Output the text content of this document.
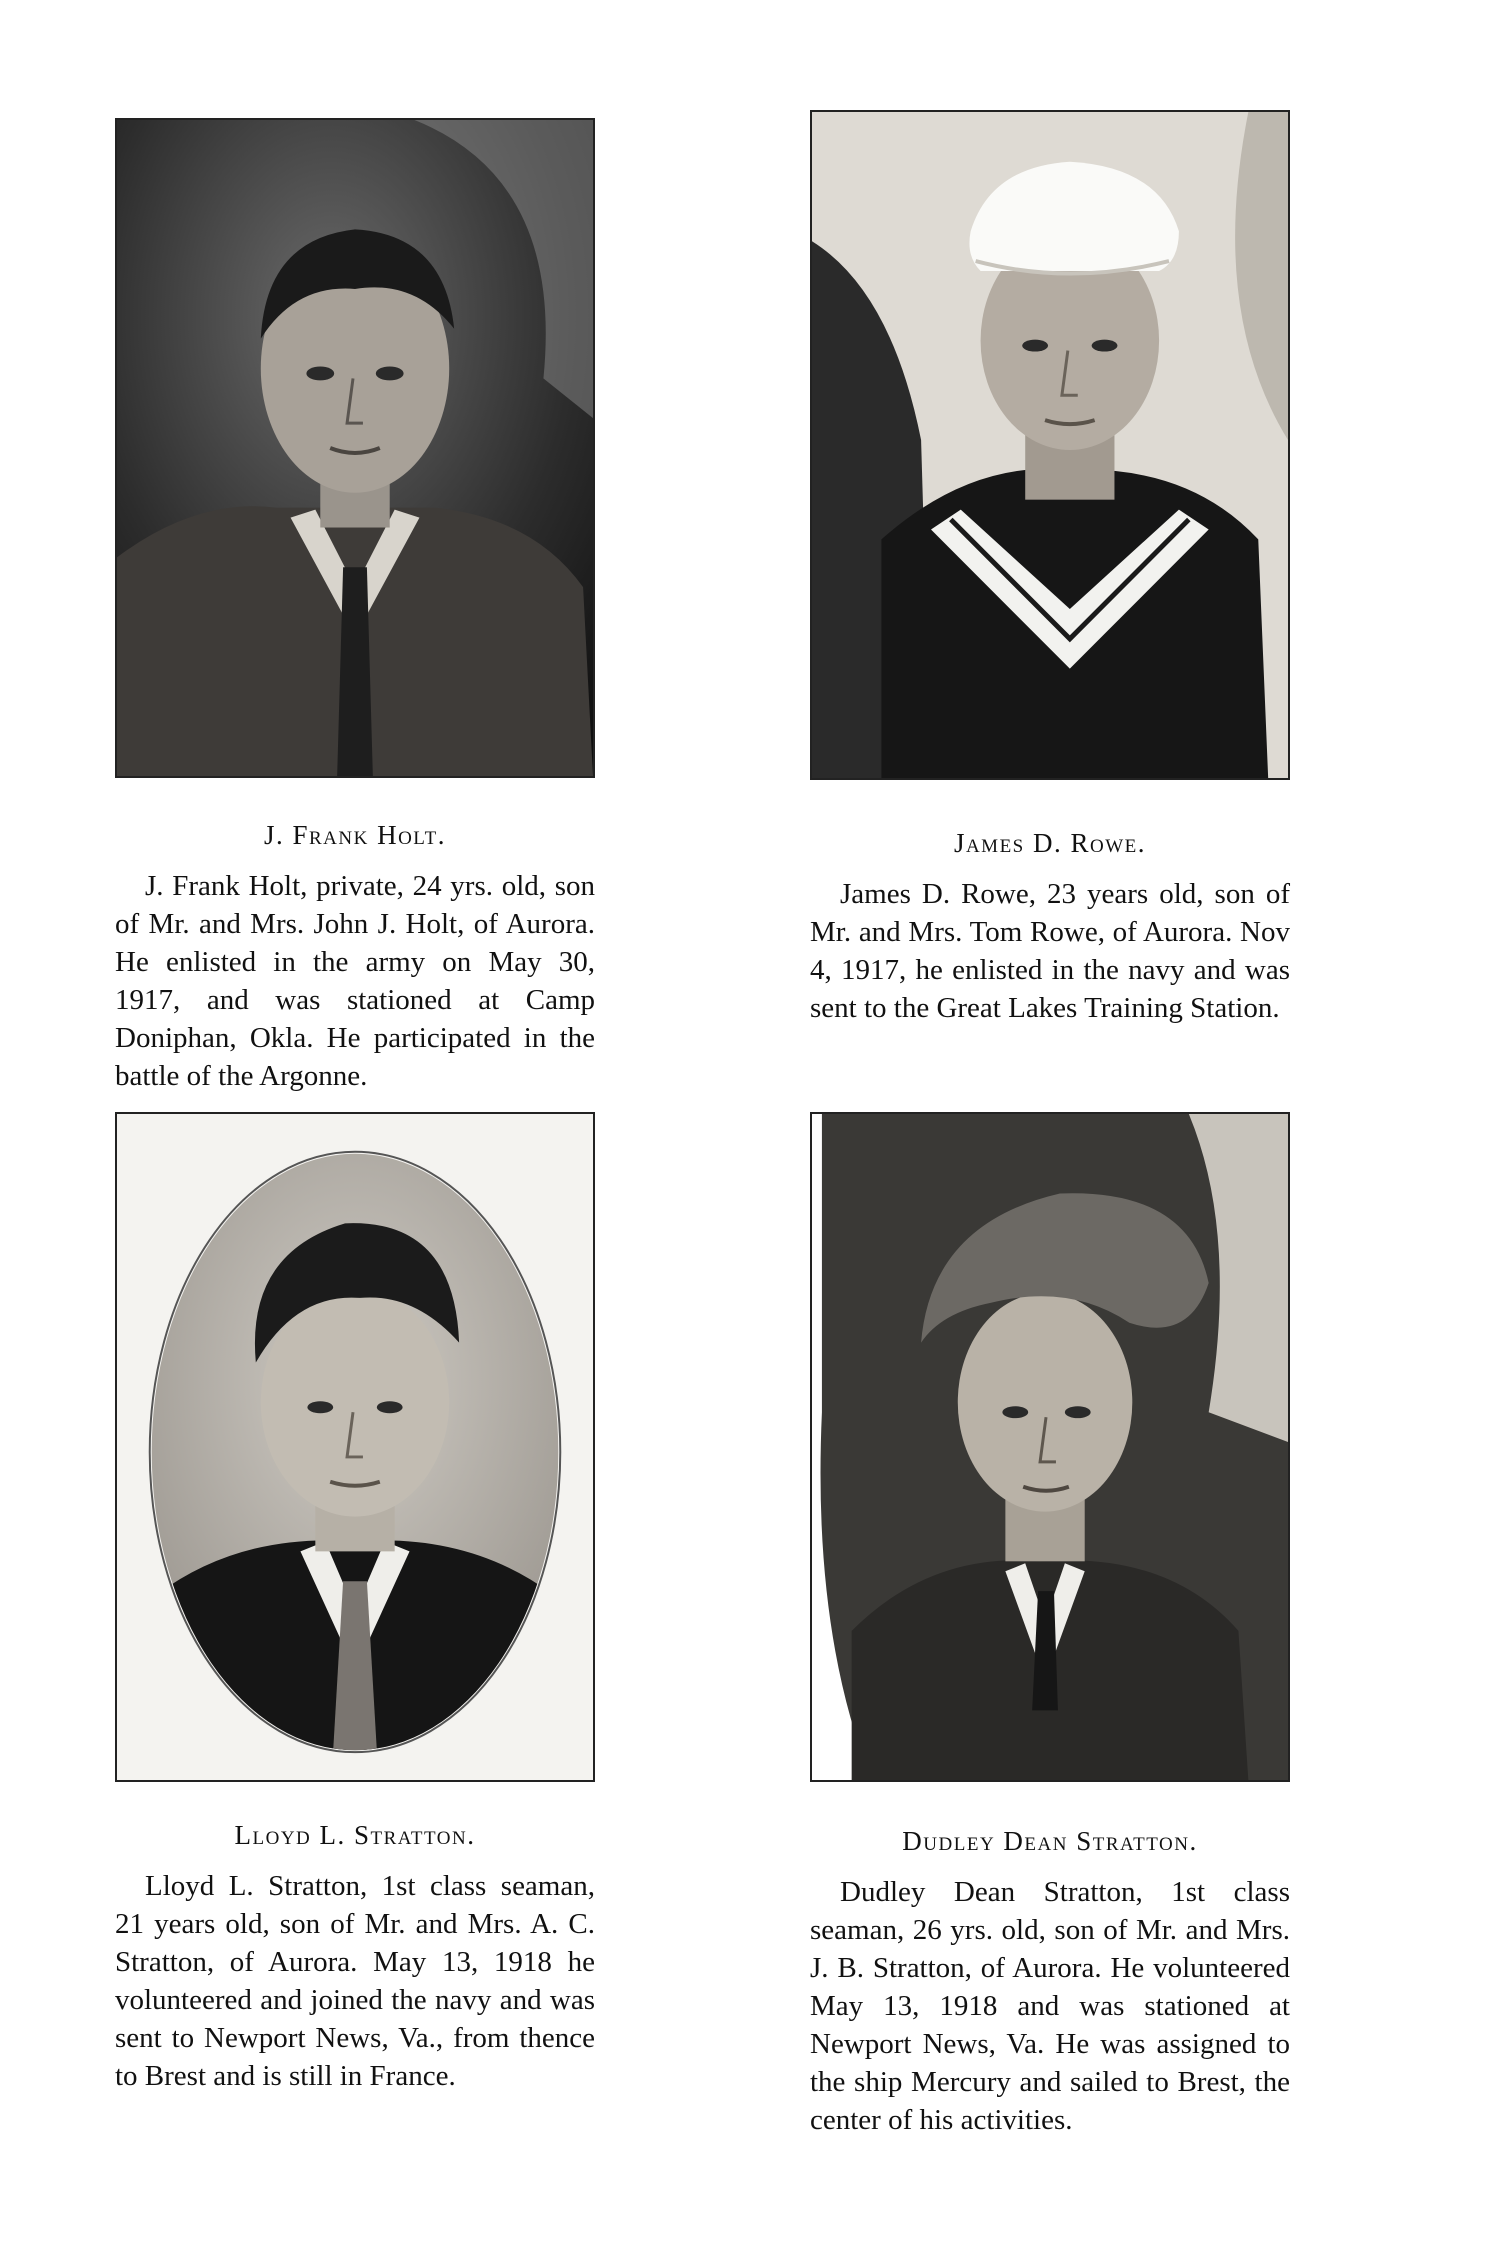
J. Frank Holt.

J. Frank Holt, private, 24 yrs. old, son of Mr. and Mrs. John J. Holt, of Aurora. He enlisted in the army on May 30, 1917, and was stationed at Camp Doniphan, Okla. He participated in the battle of the Argonne.

James D. Rowe.

James D. Rowe, 23 years old, son of Mr. and Mrs. Tom Rowe, of Aurora. Nov 4, 1917, he enlisted in the navy and was sent to the Great Lakes Training Station.

Lloyd L. Stratton.

Lloyd L. Stratton, 1st class seaman, 21 years old, son of Mr. and Mrs. A. C. Stratton, of Aurora. May 13, 1918 he volunteered and joined the navy and was sent to Newport News, Va., from thence to Brest and is still in France.

Dudley Dean Stratton.

Dudley Dean Stratton, 1st class seaman, 26 yrs. old, son of Mr. and Mrs. J. B. Stratton, of Aurora. He volunteered May 13, 1918 and was stationed at Newport News, Va. He was assigned to the ship Mercury and sailed to Brest, the center of his activities.
